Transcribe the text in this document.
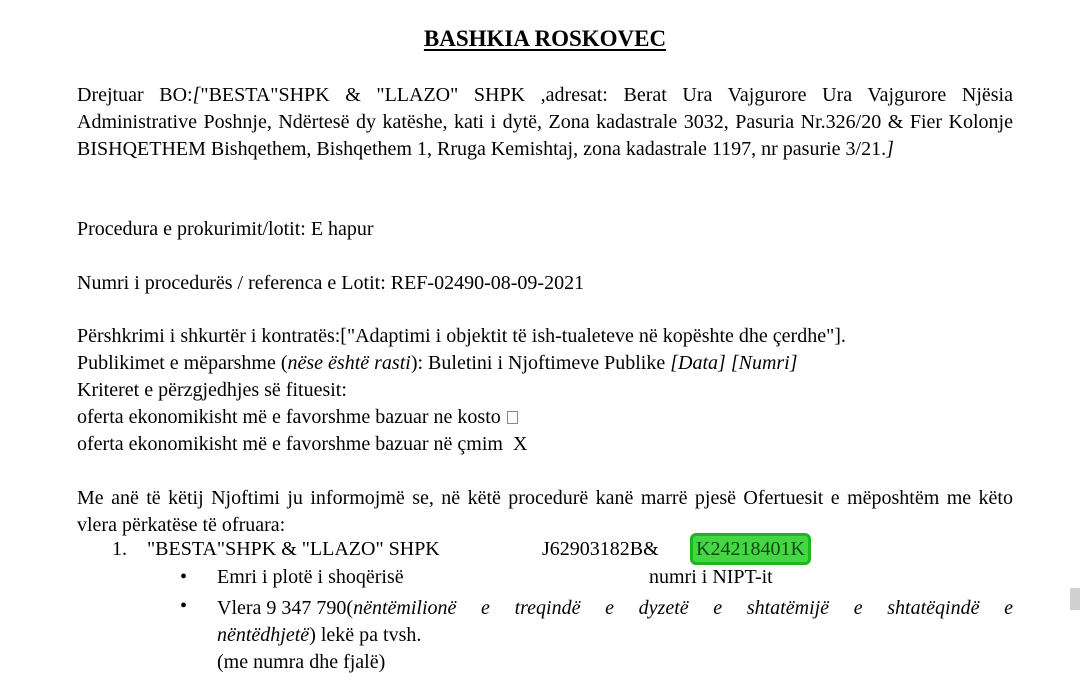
BASHKIA ROSKOVEC
Drejtuar BO:["BESTA"SHPK & "LLAZO" SHPK ,adresat: Berat Ura Vajgurore Ura Vajgurore Njësia Administrative Poshnje, Ndërtesë dy katëshe, kati i dytë, Zona kadastrale 3032, Pasuria Nr.326/20 & Fier Kolonje BISHQETHEM Bishqethem, Bishqethem 1, Rruga Kemishtaj, zona kadastrale 1197, nr pasurie 3/21.]
Procedura e prokurimit/lotit: E hapur
Numri i procedurës / referenca e Lotit: REF-02490-08-09-2021
Përshkrimi i shkurtër i kontratës:["Adaptimi i objektit të ish-tualeteve në kopështe dhe çerdhe"].
Publikimet e mëparshme (nëse është rasti): Buletini i Njoftimeve Publike [Data] [Numri]
Kriteret e përzgjedhjes së fituesit:
oferta ekonomikisht më e favorshme bazuar ne kosto
oferta ekonomikisht më e favorshme bazuar në çmim X
Me anë të këtij Njoftimi ju informojmë se, në këtë procedurë kanë marrë pjesë Ofertuesit e mëposhtëm me këto vlera përkatëse të ofruara:
1. "BESTA"SHPK & "LLAZO" SHPK	J62903182B&	K24218401K
• Emri i plotë i shoqërisë	numri i NIPT-it
• Vlera 9 347 790( nëntëmilionë e treqindë e dyzetë e shtatëmijë e shtatëqindë e
nëntëdhjetë) lekë pa tvsh.
(me numra dhe fjalë)
